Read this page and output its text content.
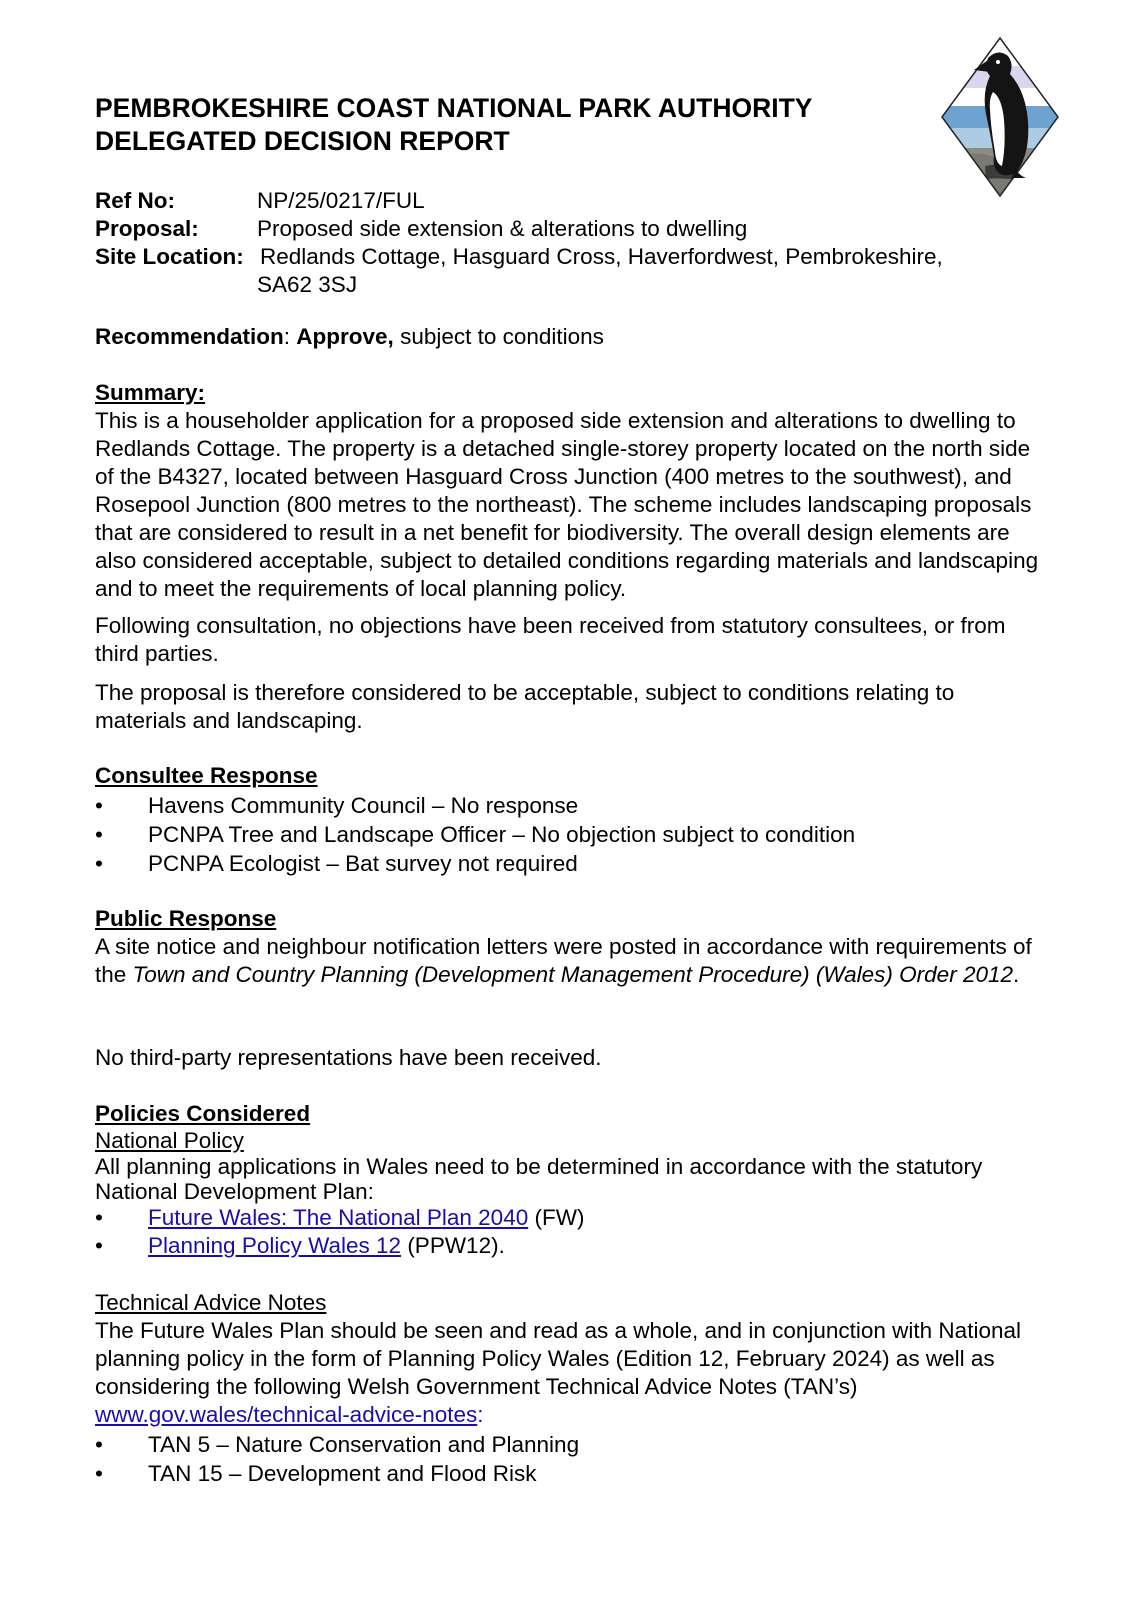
PEMBROKESHIRE COAST NATIONAL PARK AUTHORITY
DELEGATED DECISION REPORT
Ref No:	NP/25/0217/FUL
Proposal:	Proposed side extension & alterations to dwelling
Site Location: Redlands Cottage, Hasguard Cross, Haverfordwest, Pembrokeshire,
SA62 3SJ
Recommendation: Approve, subject to conditions
Summary:

This is a householder application for a proposed side extension and alterations to dwelling to Redlands Cottage. The property is a detached single-storey property located on the north side of the B4327, located between Hasguard Cross Junction (400 metres to the southwest), and Rosepool Junction (800 metres to the northeast). The scheme includes landscaping proposals that are considered to result in a net benefit for biodiversity. The overall design elements are also considered acceptable, subject to detailed conditions regarding materials and landscaping and to meet the requirements of local planning policy.

Following consultation, no objections have been received from statutory consultees, or from third parties.

The proposal is therefore considered to be acceptable, subject to conditions relating to materials and landscaping.

Consultee Response
• Havens Community Council – No response
• PCNPA Tree and Landscape Officer – No objection subject to condition
• PCNPA Ecologist – Bat survey not required
Public Response

A site notice and neighbour notification letters were posted in accordance with requirements of the Town and Country Planning (Development Management Procedure) (Wales) Order 2012.

No third-party representations have been received.

Policies Considered
National Policy

All planning applications in Wales need to be determined in accordance with the statutory National Development Plan:

• Future Wales: The National Plan 2040 (FW)
• Planning Policy Wales 12 (PPW12).
Technical Advice Notes

The Future Wales Plan should be seen and read as a whole, and in conjunction with National planning policy in the form of Planning Policy Wales (Edition 12, February 2024) as well as considering the following Welsh Government Technical Advice Notes (TAN’s)

www.gov.wales/technical-advice-notes:
• TAN 5 – Nature Conservation and Planning
• TAN 15 – Development and Flood Risk
